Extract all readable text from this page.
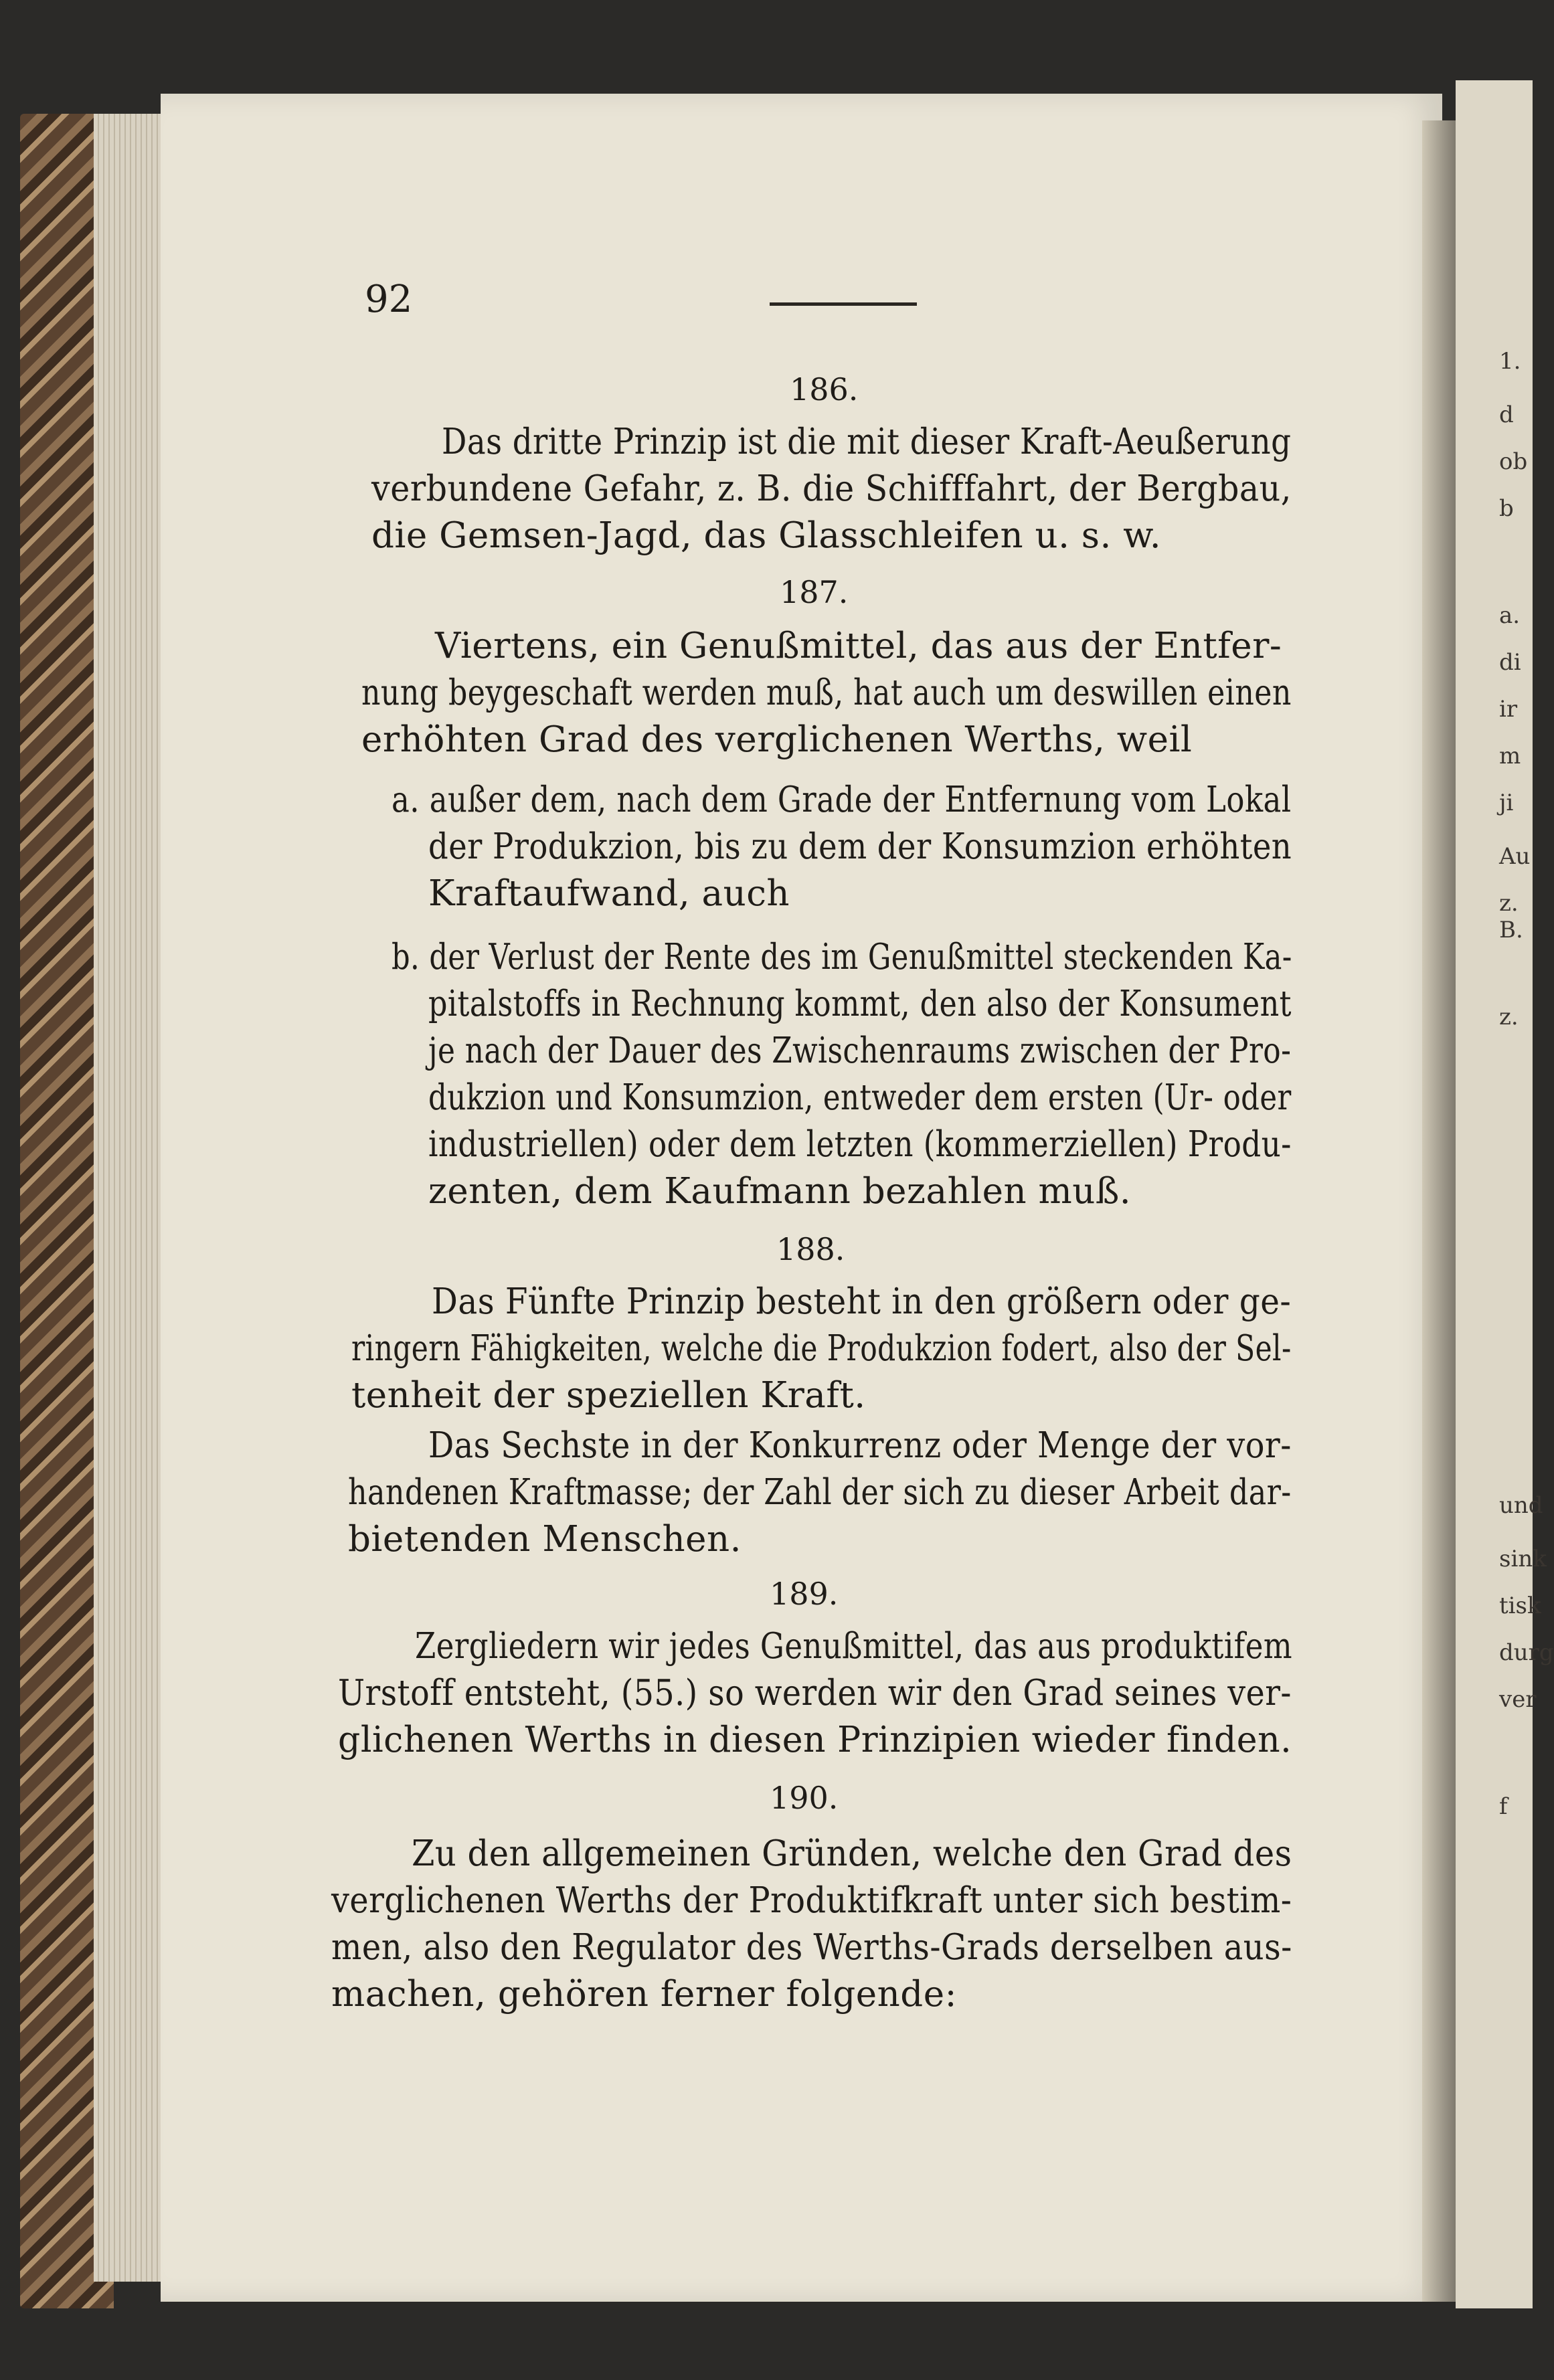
1.
d
ob
b
a.
di
ir
m
ji
Au
z. B.
z.
und
sink
tisk
durg
ver
f
92
186.
Das dritte Prinzip ist die mit dieser Kraft-Aeußerung
verbundene Gefahr, z. B. die Schifffahrt, der Bergbau,
die Gemsen-Jagd, das Glasschleifen u. s. w.
187.
Viertens, ein Genußmittel, das aus der Entfer-
nung beygeschaft werden muß, hat auch um deswillen einen
erhöhten Grad des verglichenen Werths, weil
a. außer dem, nach dem Grade der Entfernung vom Lokal
der Produkzion, bis zu dem der Konsumzion erhöhten
Kraftaufwand, auch
b. der Verlust der Rente des im Genußmittel steckenden Ka-
pitalstoffs in Rechnung kommt, den also der Konsument
je nach der Dauer des Zwischenraums zwischen der Pro-
dukzion und Konsumzion, entweder dem ersten (Ur- oder
industriellen) oder dem letzten (kommerziellen) Produ-
zenten, dem Kaufmann bezahlen muß.
188.
Das Fünfte Prinzip besteht in den größern oder ge-
ringern Fähigkeiten, welche die Produkzion fodert, also der Sel-
tenheit der speziellen Kraft.
Das Sechste in der Konkurrenz oder Menge der vor-
handenen Kraftmasse; der Zahl der sich zu dieser Arbeit dar-
bietenden Menschen.
189.
Zergliedern wir jedes Genußmittel, das aus produktifem
Urstoff entsteht, (55.) so werden wir den Grad seines ver-
glichenen Werths in diesen Prinzipien wieder finden.
190.
Zu den allgemeinen Gründen, welche den Grad des
verglichenen Werths der Produktifkraft unter sich bestim-
men, also den Regulator des Werths-Grads derselben aus-
machen, gehören ferner folgende:
